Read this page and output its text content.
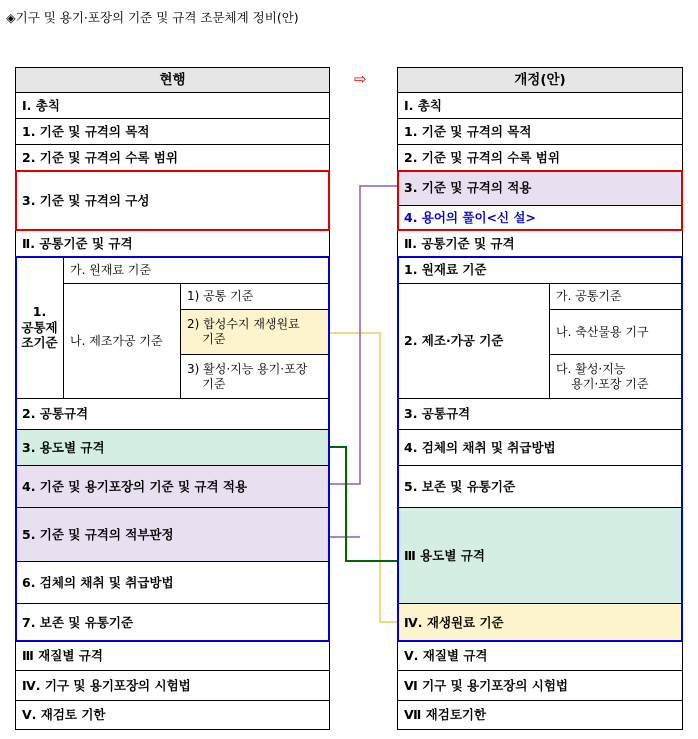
◈기구 및 용기·포장의 기준 및 규격 조문체계 정비(안)
⇨
현행
Ⅰ. 총칙
1. 기준 및 규격의 목적
2. 기준 및 규격의 수록 범위
3. 기준 및 규격의 구성
Ⅱ. 공통기준 및 규격
1.
공통제
조기준
가. 원재료 기준
나. 제조가공 기준
1) 공통 기준
2) 합성수지 재생원료
기준
3) 활성·지능 용기·포장
기준
2. 공통규격
3. 용도별 규격
4. 기준 및 용기포장의 기준 및 규격 적용
5. 기준 및 규격의 적부판정
6. 검체의 채취 및 취급방법
7. 보존 및 유통기준
Ⅲ 재질별 규격
Ⅳ. 기구 및 용기포장의 시험법
Ⅴ. 재검토 기한
개정(안)
Ⅰ. 총칙
1. 기준 및 규격의 목적
2. 기준 및 규격의 수록 범위
3. 기준 및 규격의 적용
4. 용어의 풀이<신 설>
Ⅱ. 공통기준 및 규격
1. 원재료 기준
2. 제조·가공 기준
가. 공통기준
나. 축산물용 기구
다. 활성·지능
용기·포장 기준
3. 공통규격
4. 검체의 채취 및 취급방법
5. 보존 및 유통기준
Ⅲ 용도별 규격
Ⅳ. 재생원료 기준
Ⅴ. 재질별 규격
Ⅵ 기구 및 용기포장의 시험법
Ⅶ 재검토기한
